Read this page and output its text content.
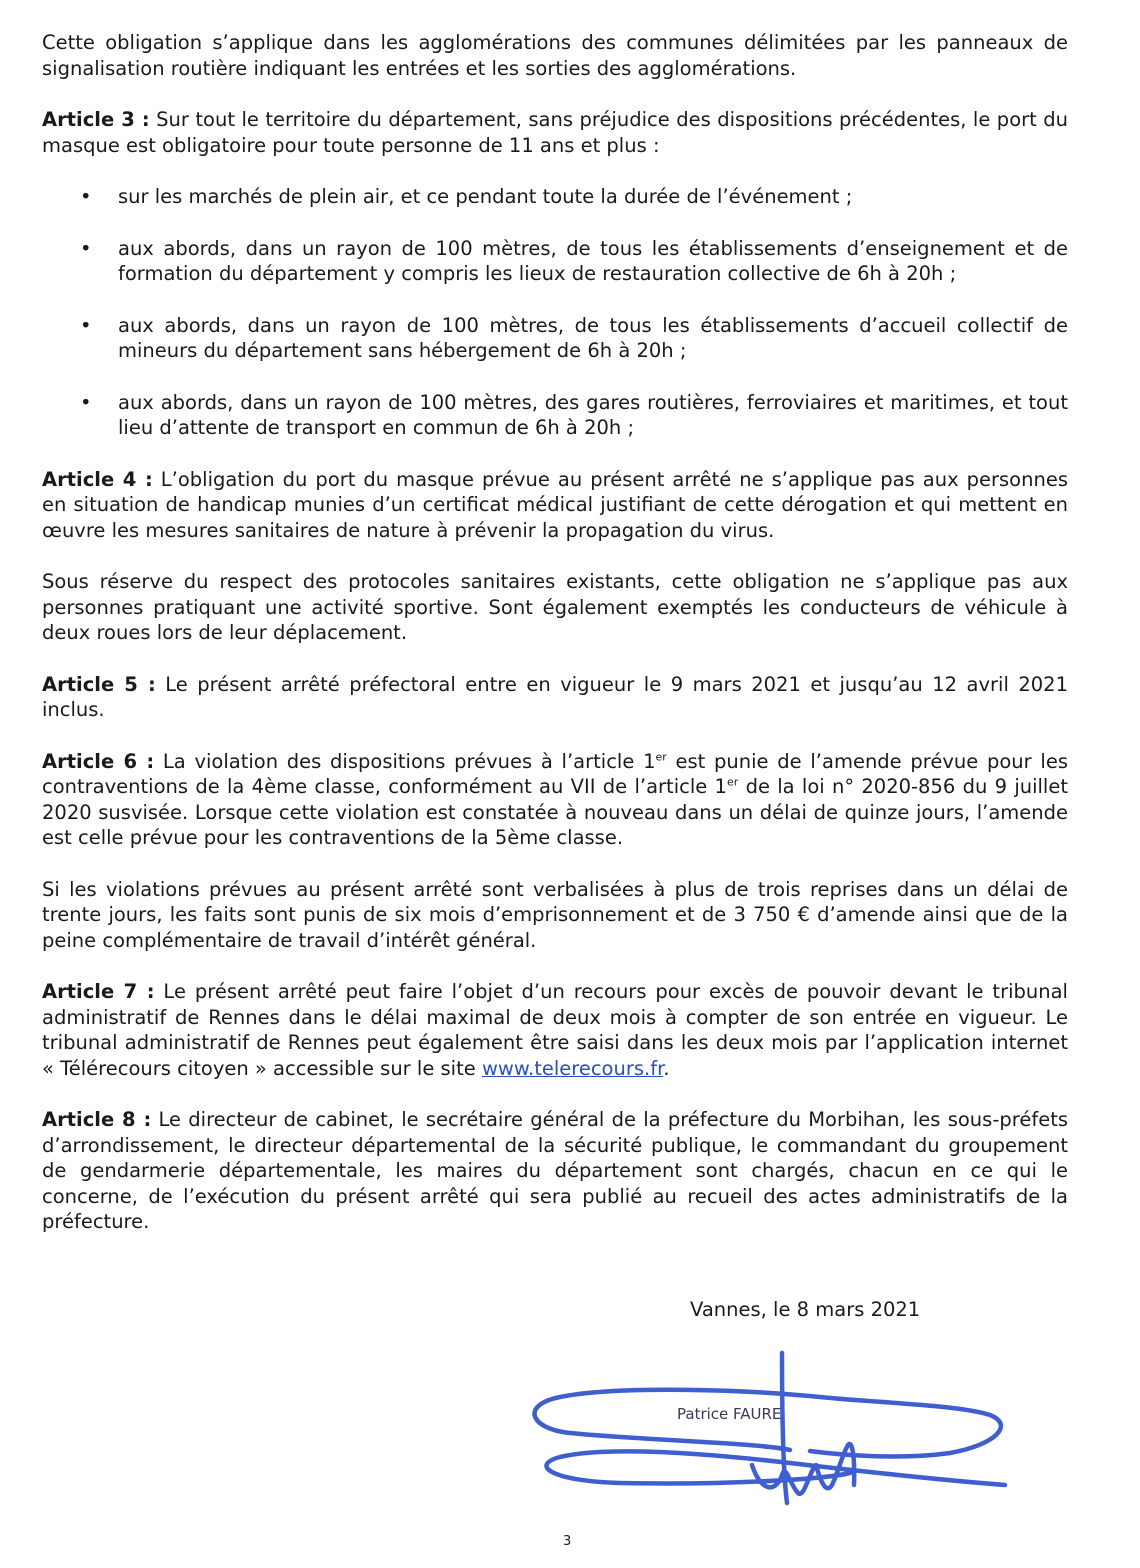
Cette obligation s’applique dans les agglomérations des communes délimitées par les panneaux de signalisation routière indiquant les entrées et les sorties des agglomérations.

Article 3 : Sur tout le territoire du département, sans préjudice des dispositions précédentes, le port du masque est obligatoire pour toute personne de 11 ans et plus :

• sur les marchés de plein air, et ce pendant toute la durée de l’événement ;
• aux abords, dans un rayon de 100 mètres, de tous les établissements d’enseignement et de formation du département y compris les lieux de restauration collective de 6h à 20h ;
• aux abords, dans un rayon de 100 mètres, de tous les établissements d’accueil collectif de mineurs du département sans hébergement de 6h à 20h ;
• aux abords, dans un rayon de 100 mètres, des gares routières, ferroviaires et maritimes, et tout lieu d’attente de transport en commun de 6h à 20h ;

Article 4 : L’obligation du port du masque prévue au présent arrêté ne s’applique pas aux personnes en situation de handicap munies d’un certificat médical justifiant de cette dérogation et qui mettent en œuvre les mesures sanitaires de nature à prévenir la propagation du virus.

Sous réserve du respect des protocoles sanitaires existants, cette obligation ne s’applique pas aux personnes pratiquant une activité sportive. Sont également exemptés les conducteurs de véhicule à deux roues lors de leur déplacement.

Article 5 : Le présent arrêté préfectoral entre en vigueur le 9 mars 2021 et jusqu’au 12 avril 2021 inclus.

Article 6 : La violation des dispositions prévues à l’article 1er est punie de l’amende prévue pour les contraventions de la 4ème classe, conformément au VII de l’article 1er de la loi n° 2020-856 du 9 juillet 2020 susvisée. Lorsque cette violation est constatée à nouveau dans un délai de quinze jours, l’amende est celle prévue pour les contraventions de la 5ème classe.

Si les violations prévues au présent arrêté sont verbalisées à plus de trois reprises dans un délai de trente jours, les faits sont punis de six mois d’emprisonnement et de 3 750 € d’amende ainsi que de la peine complémentaire de travail d’intérêt général.

Article 7 : Le présent arrêté peut faire l’objet d’un recours pour excès de pouvoir devant le tribunal administratif de Rennes dans le délai maximal de deux mois à compter de son entrée en vigueur. Le tribunal administratif de Rennes peut également être saisi dans les deux mois par l’application internet « Télérecours citoyen » accessible sur le site www.telerecours.fr.

Article 8 : Le directeur de cabinet, le secrétaire général de la préfecture du Morbihan, les sous-préfets d’arrondissement, le directeur départemental de la sécurité publique, le commandant du groupement de gendarmerie départementale, les maires du département sont chargés, chacun en ce qui le concerne, de l’exécution du présent arrêté qui sera publié au recueil des actes administratifs de la préfecture.

Vannes, le 8 mars 2021
Patrice FAURE
3
